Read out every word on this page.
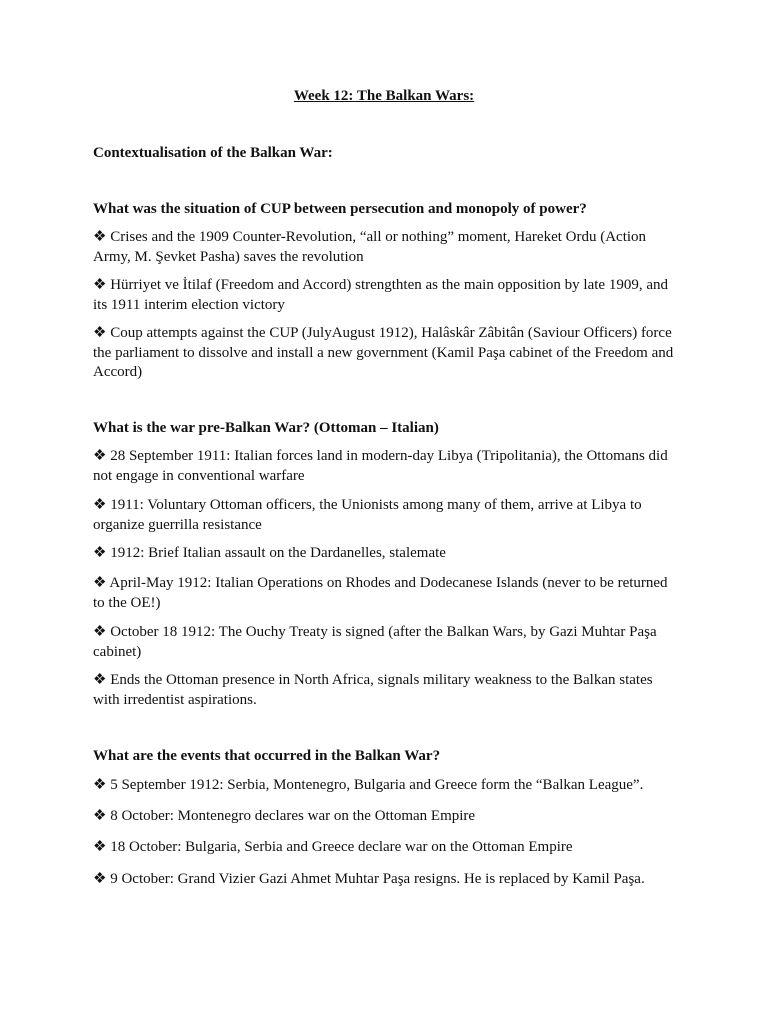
Week 12: The Balkan Wars:
Contextualisation of the Balkan War:
What was the situation of CUP between persecution and monopoly of power?
❖ Crises and the 1909 Counter-Revolution, “all or nothing” moment, Hareket Ordu (Action Army, M. Şevket Pasha) saves the revolution
❖ Hürriyet ve İtilaf (Freedom and Accord) strengthten as the main opposition by late 1909, and its 1911 interim election victory
❖ Coup attempts against the CUP (JulyAugust 1912), Halâskâr Zâbitân (Saviour Officers) force the parliament to dissolve and install a new government (Kamil Paşa cabinet of the Freedom and Accord)
What is the war pre-Balkan War? (Ottoman – Italian)
❖ 28 September 1911: Italian forces land in modern-day Libya (Tripolitania), the Ottomans did not engage in conventional warfare
❖ 1911: Voluntary Ottoman officers, the Unionists among many of them, arrive at Libya to organize guerrilla resistance
❖ 1912: Brief Italian assault on the Dardanelles, stalemate
❖ April-May 1912: Italian Operations on Rhodes and Dodecanese Islands (never to be returned to the OE!)
❖ October 18 1912: The Ouchy Treaty is signed (after the Balkan Wars, by Gazi Muhtar Paşa cabinet)
❖ Ends the Ottoman presence in North Africa, signals military weakness to the Balkan states with irredentist aspirations.
What are the events that occurred in the Balkan War?
❖ 5 September 1912: Serbia, Montenegro, Bulgaria and Greece form the “Balkan League”.
❖ 8 October: Montenegro declares war on the Ottoman Empire
❖ 18 October: Bulgaria, Serbia and Greece declare war on the Ottoman Empire
❖ 9 October: Grand Vizier Gazi Ahmet Muhtar Paşa resigns. He is replaced by Kamil Paşa.
